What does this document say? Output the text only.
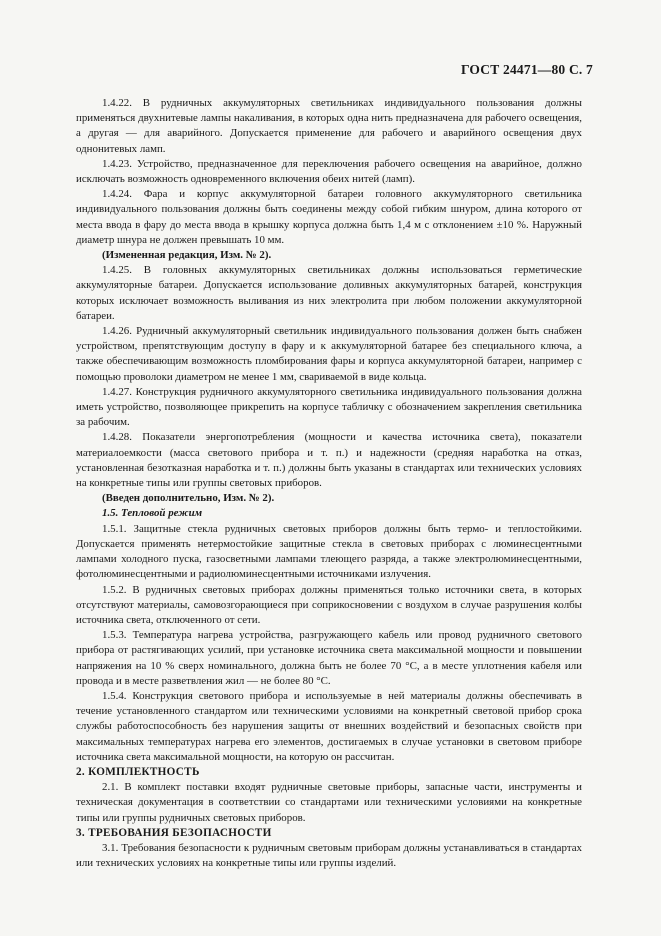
ГОСТ 24471—80 С. 7

1.4.22. В рудничных аккумуляторных светильниках индивидуального пользования должны применяться двухнитевые лампы накаливания, в которых одна нить предназначена для рабочего освещения, а другая — для аварийного. Допускается применение для рабочего и аварийного освещения двух однонитевых ламп.

1.4.23. Устройство, предназначенное для переключения рабочего освещения на аварийное, должно исключать возможность одновременного включения обеих нитей (ламп).

1.4.24. Фара и корпус аккумуляторной батареи головного аккумуляторного светильника индивидуального пользования должны быть соединены между собой гибким шнуром, длина которого от места ввода в фару до места ввода в крышку корпуса должна быть 1,4 м с отклонением ±10 %. Наружный диаметр шнура не должен превышать 10 мм.

(Измененная редакция, Изм. № 2).

1.4.25. В головных аккумуляторных светильниках должны использоваться герметические аккумуляторные батареи. Допускается использование доливных аккумуляторных батарей, конструкция которых исключает возможность выливания из них электролита при любом положении аккумуляторной батареи.

1.4.26. Рудничный аккумуляторный светильник индивидуального пользования должен быть снабжен устройством, препятствующим доступу в фару и к аккумуляторной батарее без специального ключа, а также обеспечивающим возможность пломбирования фары и корпуса аккумуляторной батареи, например с помощью проволоки диаметром не менее 1 мм, свариваемой в виде кольца.

1.4.27. Конструкция рудничного аккумуляторного светильника индивидуального пользования должна иметь устройство, позволяющее прикрепить на корпусе табличку с обозначением закрепления светильника за рабочим.

1.4.28. Показатели энергопотребления (мощности и качества источника света), показатели материалоемкости (масса светового прибора и т. п.) и надежности (средняя наработка на отказ, установленная безотказная наработка и т. п.) должны быть указаны в стандартах или технических условиях на конкретные типы или группы световых приборов.

(Введен дополнительно, Изм. № 2).

1.5. Тепловой режим

1.5.1. Защитные стекла рудничных световых приборов должны быть термо- и теплостойкими. Допускается применять нетермостойкие защитные стекла в световых приборах с люминесцентными лампами холодного пуска, газосветными лампами тлеющего разряда, а также электролюминесцентными, фотолюминесцентными и радиолюминесцентными источниками излучения.

1.5.2. В рудничных световых приборах должны применяться только источники света, в которых отсутствуют материалы, самовозгорающиеся при соприкосновении с воздухом в случае разрушения колбы источника света, отключенного от сети.

1.5.3. Температура нагрева устройства, разгружающего кабель или провод рудничного светового прибора от растягивающих усилий, при установке источника света максимальной мощности и повышении напряжения на 10 % сверх номинального, должна быть не более 70 °С, а в месте уплотнения кабеля или провода и в месте разветвления жил — не более 80 °С.

1.5.4. Конструкция светового прибора и используемые в ней материалы должны обеспечивать в течение установленного стандартом или техническими условиями на конкретный световой прибор срока службы работоспособность без нарушения защиты от внешних воздействий и безопасных свойств при максимальных температурах нагрева его элементов, достигаемых в случае установки в световом приборе источника света максимальной мощности, на которую он рассчитан.

2. КОМПЛЕКТНОСТЬ

2.1. В комплект поставки входят рудничные световые приборы, запасные части, инструменты и техническая документация в соответствии со стандартами или техническими условиями на конкретные типы или группы рудничных световых приборов.

3. ТРЕБОВАНИЯ БЕЗОПАСНОСТИ

3.1. Требования безопасности к рудничным световым приборам должны устанавливаться в стандартах или технических условиях на конкретные типы или группы изделий.
